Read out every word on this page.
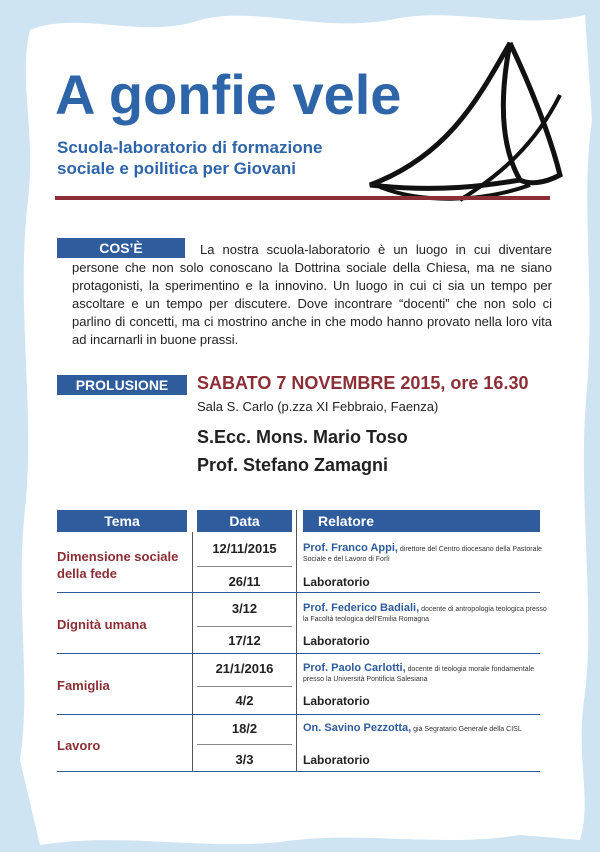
A gonfie vele
Scuola-laboratorio di formazione
sociale e poilitica per Giovani
La nostra scuola-laboratorio è un luogo in cui diventare persone che non solo conoscano la Dottrina sociale della Chiesa, ma ne siano protagonisti, la sperimentino e la innovino. Un luogo in cui ci sia un tempo per ascoltare e un tempo per discutere. Dove incontrare “docenti” che non solo ci parlino di concetti, ma ci mostrino anche in che modo hanno provato nella loro vita ad incarnarli in buone prassi.
COS’È
PROLUSIONE	SABATO 7 NOVEMBRE 2015, ore 16.30
Sala S. Carlo (p.zza XI Febbraio, Faenza)
S.Ecc. Mons. Mario Toso
Prof. Stefano Zamagni
Tema	Data	Relatore
Dimensione sociale della fede
12/11/2015	Prof. Franco Appi, direttore del Centro diocesano della Pastorale Sociale e del Lavoro di Forlì
26/11	Laboratorio
Dignità umana
3/12	Prof. Federico Badiali, docente di antropologia teologica presso la Facoltà teologica dell’Emilia Romagna
17/12	Laboratorio
Famiglia
21/1/2016	Prof. Paolo Carlotti, docente di teologia morale fondamentale presso la Università Pontificia Salesiana
4/2	Laboratorio
Lavoro
18/2	On. Savino Pezzotta, già Segratario Generale della CISL
3/3	Laboratorio
